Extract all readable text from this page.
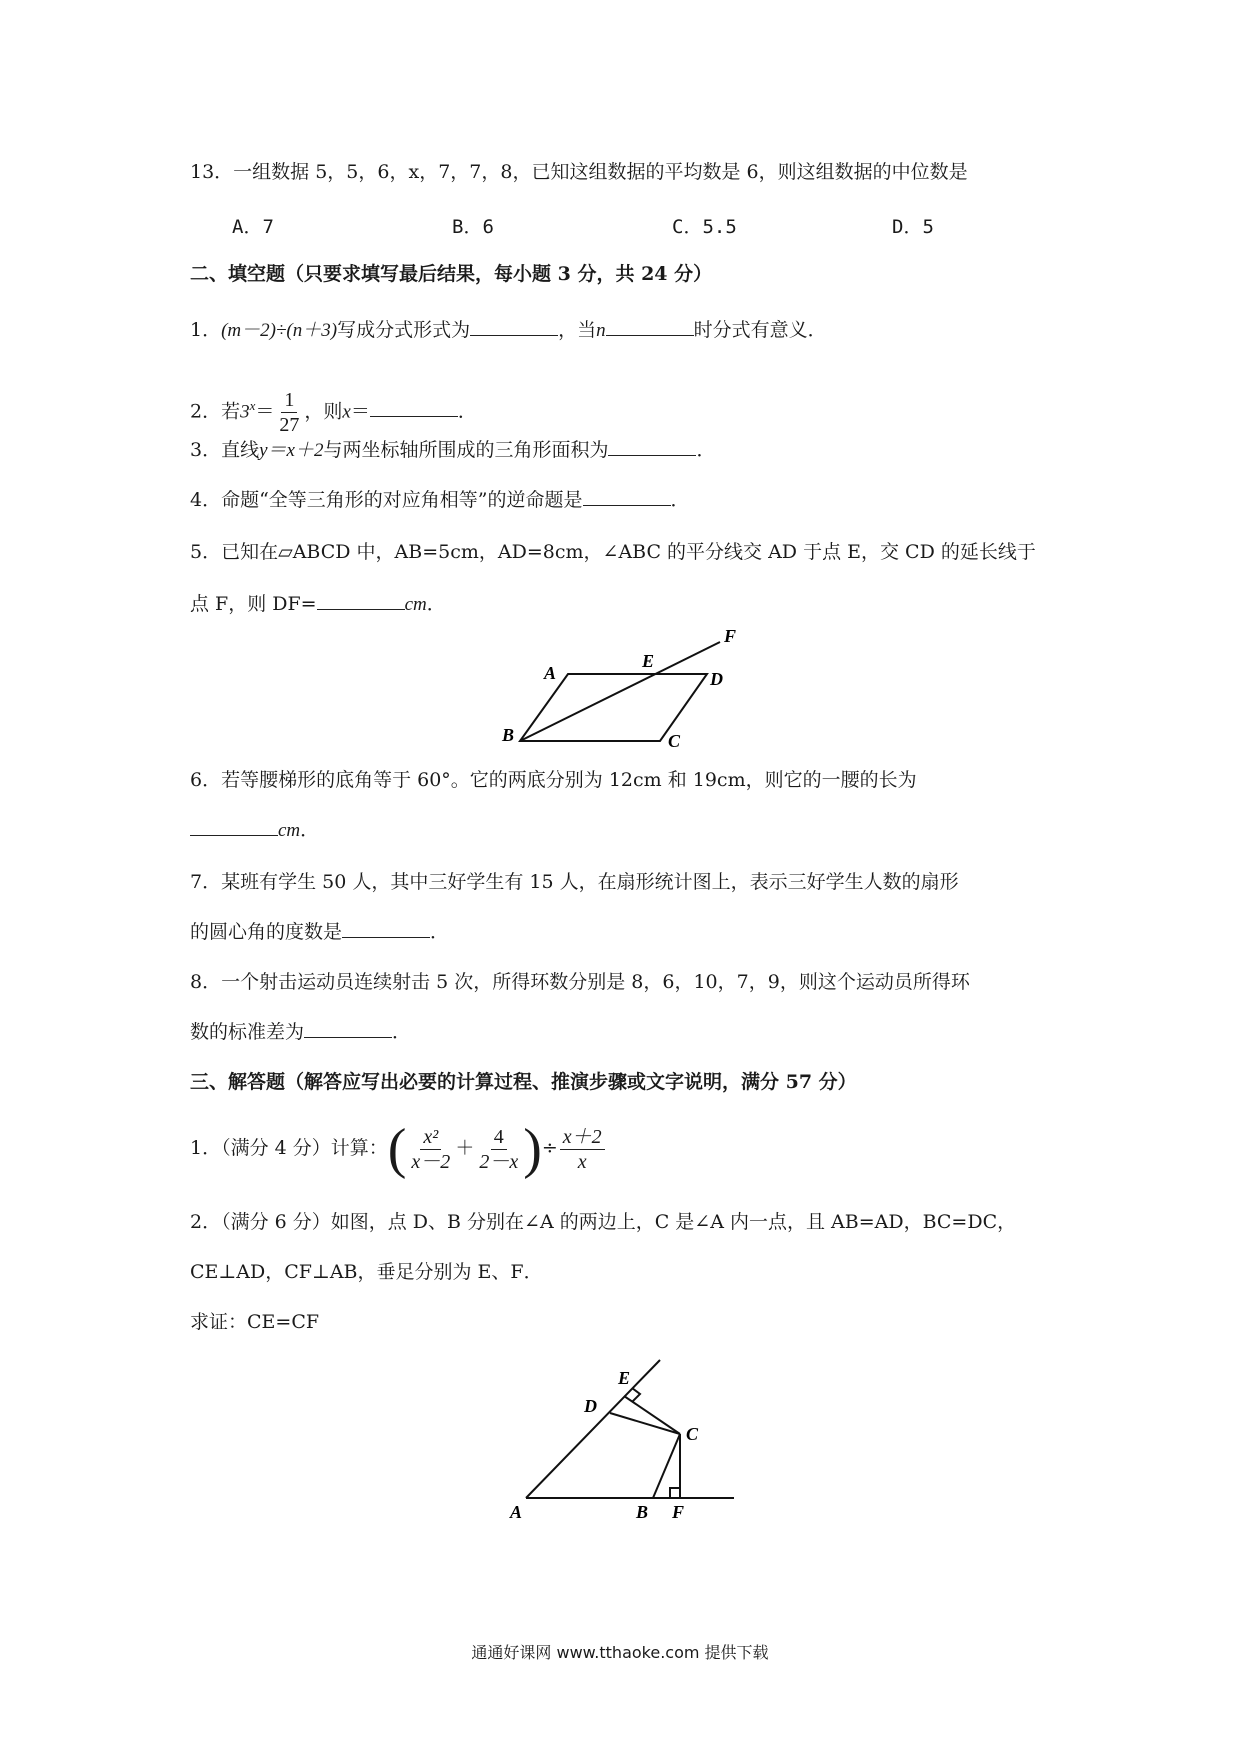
13．一组数据 5，5，6，x，7，7，8，已知这组数据的平均数是 6，则这组数据的中位数是
A．7	B．6	C．5.5	D．5
二、填空题（只要求填写最后结果，每小题 3 分，共 24 分）
1．(m－2)÷(n＋3)写成分式形式为	，当n	时分式有意义．
2．若$3^x= \frac{1}{27}$ ，则x＝	．
3．直线y＝x＋2与两坐标轴所围成的三角形面积为	．
4．命题“全等三角形的对应角相等”的逆命题是	．
5．已知在▱ABCD 中，AB=5cm，AD=8cm，∠ABC 的平分线交 AD 于点 E，交 CD 的延长线于
点 F，则 DF=	cm．
A
E
F
D
B	C
6．若等腰梯形的底角等于 60°。它的两底分别为 12cm 和 19cm，则它的一腰的长为
cm．
7．某班有学生 50 人，其中三好学生有 15 人，在扇形统计图上，表示三好学生人数的扇形
的圆心角的度数是	．
8．一个射击运动员连续射击 5 次，所得环数分别是 8，6，10，7，9，则这个运动员所得环
数的标准差为	．
三、解答题（解答应写出必要的计算过程、推演步骤或文字说明，满分 57 分）
1．（满分 4 分）计算：( $\frac{\text{x²}}{x-2} + \frac{4}{2-x}$ )÷ $\frac{x+2}{x}$
2．（满分 6 分）如图，点 D、B 分别在∠A 的两边上，C 是∠A 内一点，且 AB=AD，BC=DC，
CE⊥AD，CF⊥AB，垂足分别为 E、F．
求证：CE=CF
E
D
C
A	B F
通通好课网 www.tthaoke.com 提供下载
